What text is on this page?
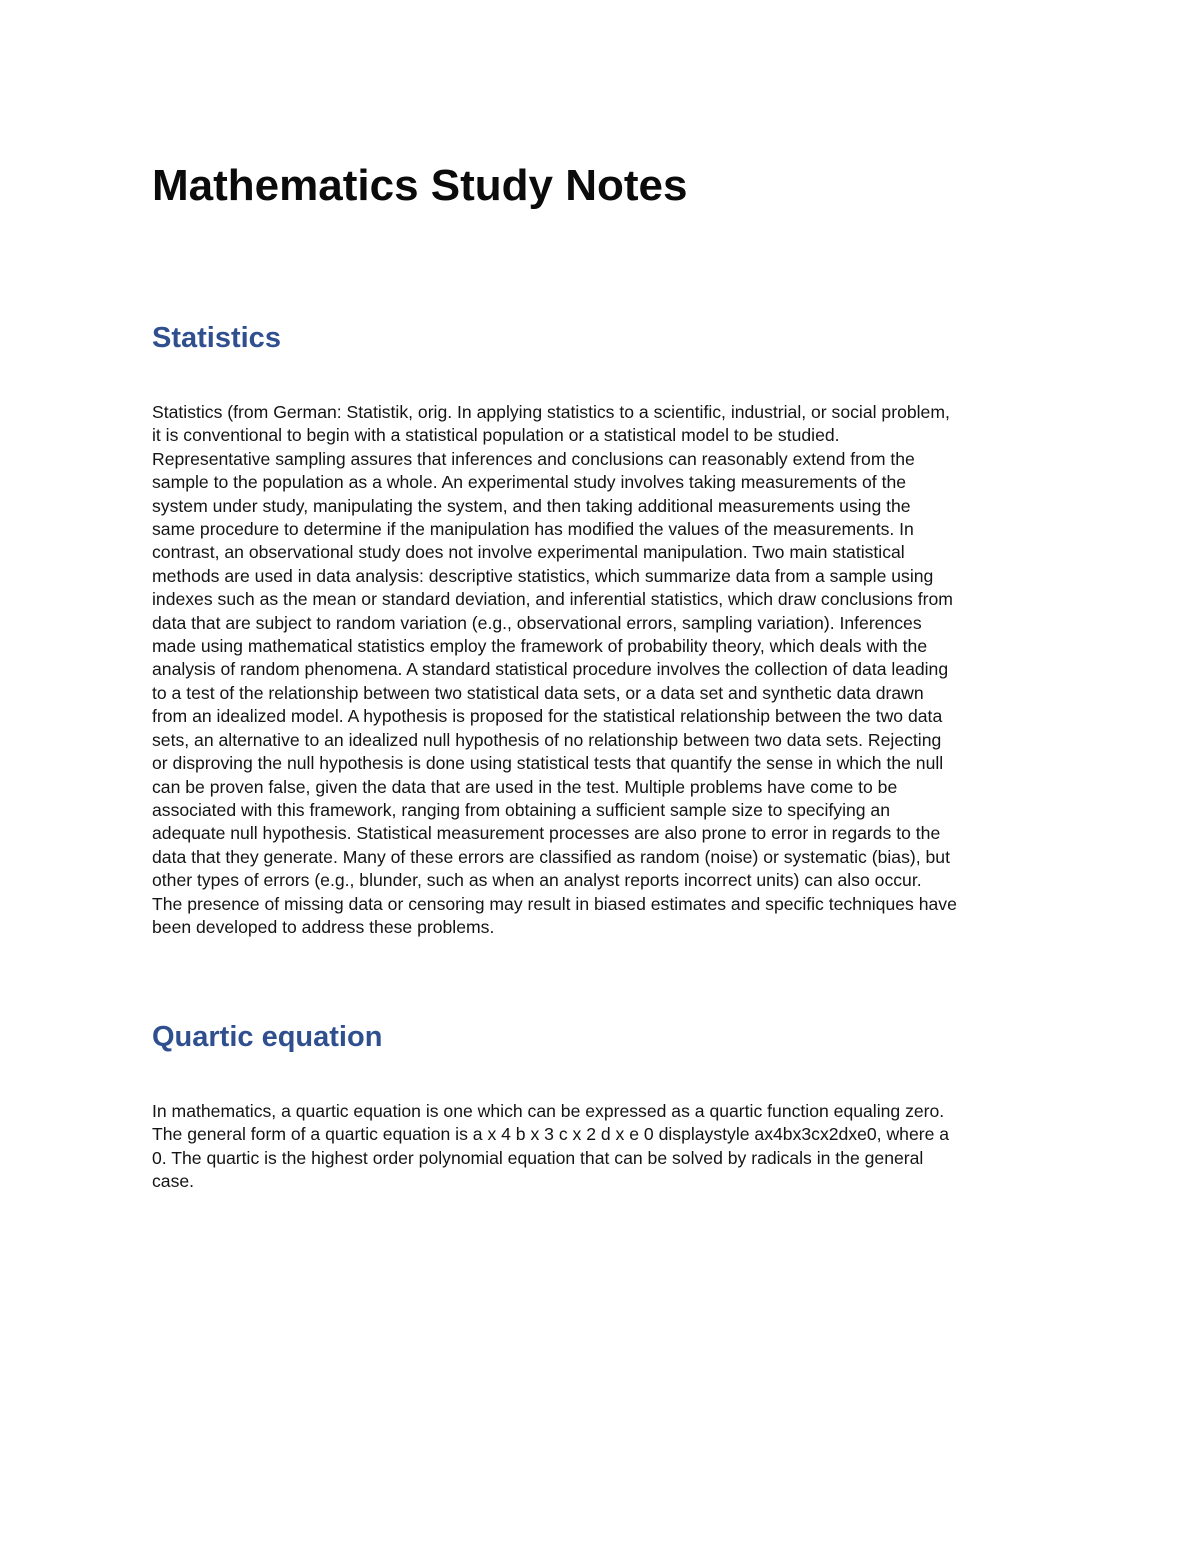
Mathematics Study Notes
Statistics

Statistics (from German: Statistik, orig. In applying statistics to a scientific, industrial, or social problem,
it is conventional to begin with a statistical population or a statistical model to be studied.
Representative sampling assures that inferences and conclusions can reasonably extend from the
sample to the population as a whole. An experimental study involves taking measurements of the
system under study, manipulating the system, and then taking additional measurements using the
same procedure to determine if the manipulation has modified the values of the measurements. In
contrast, an observational study does not involve experimental manipulation. Two main statistical
methods are used in data analysis: descriptive statistics, which summarize data from a sample using
indexes such as the mean or standard deviation, and inferential statistics, which draw conclusions from
data that are subject to random variation (e.g., observational errors, sampling variation). Inferences
made using mathematical statistics employ the framework of probability theory, which deals with the
analysis of random phenomena. A standard statistical procedure involves the collection of data leading
to a test of the relationship between two statistical data sets, or a data set and synthetic data drawn
from an idealized model. A hypothesis is proposed for the statistical relationship between the two data
sets, an alternative to an idealized null hypothesis of no relationship between two data sets. Rejecting
or disproving the null hypothesis is done using statistical tests that quantify the sense in which the null
can be proven false, given the data that are used in the test. Multiple problems have come to be
associated with this framework, ranging from obtaining a sufficient sample size to specifying an
adequate null hypothesis. Statistical measurement processes are also prone to error in regards to the
data that they generate. Many of these errors are classified as random (noise) or systematic (bias), but
other types of errors (e.g., blunder, such as when an analyst reports incorrect units) can also occur.
The presence of missing data or censoring may result in biased estimates and specific techniques have
been developed to address these problems.

Quartic equation

In mathematics, a quartic equation is one which can be expressed as a quartic function equaling zero.
The general form of a quartic equation is a x 4 b x 3 c x 2 d x e 0 displaystyle ax4bx3cx2dxe0, where a
0. The quartic is the highest order polynomial equation that can be solved by radicals in the general
case.
